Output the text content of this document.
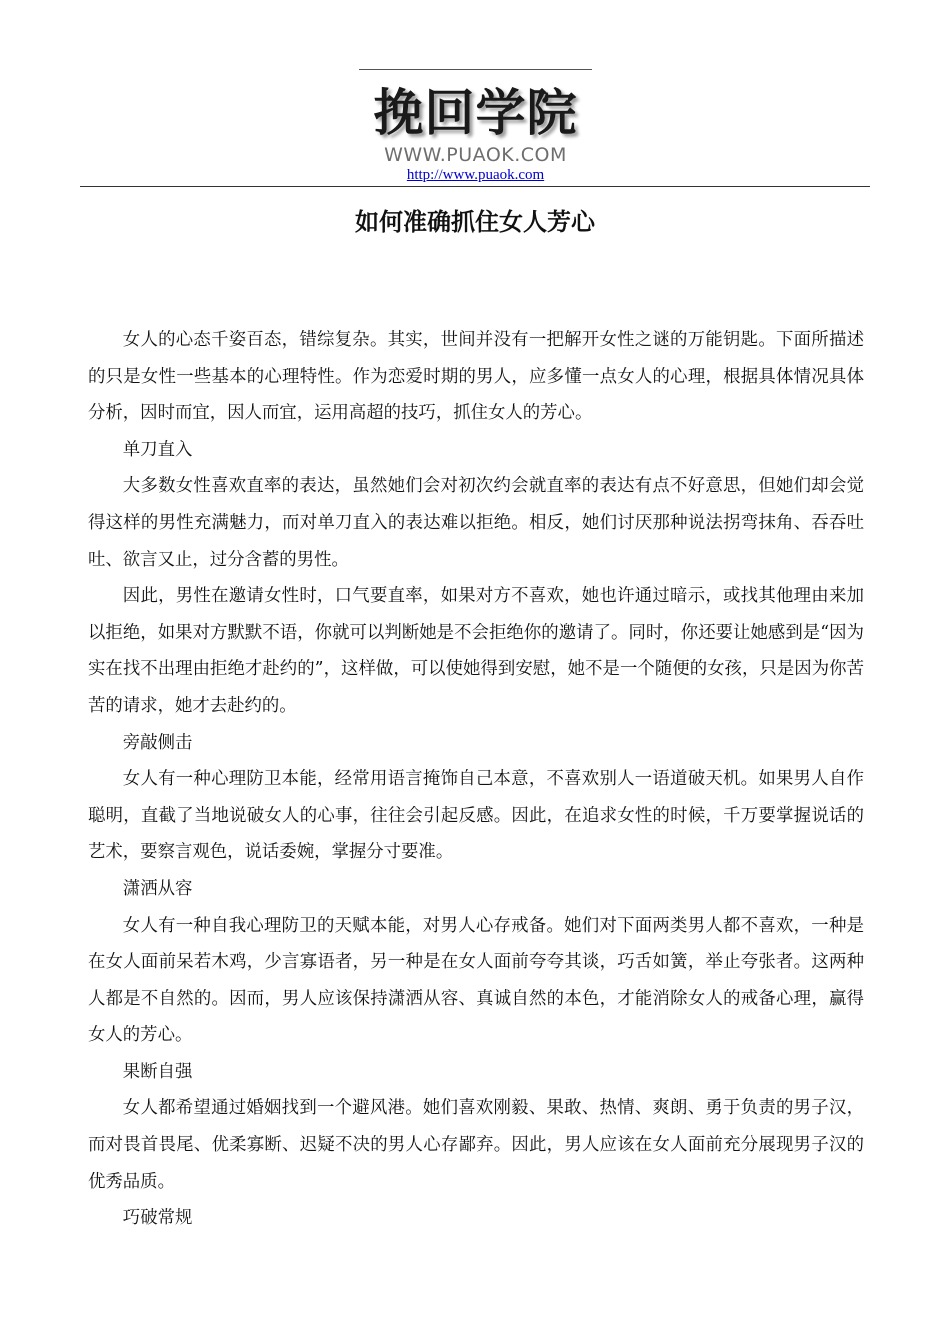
挽回学院
WWW.PUAOK.COM
http://www.puaok.com
如何准确抓住女人芳心

女人的心态千姿百态，错综复杂。其实，世间并没有一把解开女性之谜的万能钥匙。下面所描述的只是女性一些基本的心理特性。作为恋爱时期的男人，应多懂一点女人的心理，根据具体情况具体分析，因时而宜，因人而宜，运用高超的技巧，抓住女人的芳心。

单刀直入

大多数女性喜欢直率的表达，虽然她们会对初次约会就直率的表达有点不好意思，但她们却会觉得这样的男性充满魅力，而对单刀直入的表达难以拒绝。相反，她们讨厌那种说法拐弯抹角、吞吞吐吐、欲言又止，过分含蓄的男性。

因此，男性在邀请女性时，口气要直率，如果对方不喜欢，她也许通过暗示，或找其他理由来加以拒绝，如果对方默默不语，你就可以判断她是不会拒绝你的邀请了。同时，你还要让她感到是“因为实在找不出理由拒绝才赴约的”，这样做，可以使她得到安慰，她不是一个随便的女孩，只是因为你苦苦的请求，她才去赴约的。

旁敲侧击

女人有一种心理防卫本能，经常用语言掩饰自己本意，不喜欢别人一语道破天机。如果男人自作聪明，直截了当地说破女人的心事，往往会引起反感。因此，在追求女性的时候，千万要掌握说话的艺术，要察言观色，说话委婉，掌握分寸要准。

潇洒从容

女人有一种自我心理防卫的天赋本能，对男人心存戒备。她们对下面两类男人都不喜欢，一种是在女人面前呆若木鸡，少言寡语者，另一种是在女人面前夸夸其谈，巧舌如簧，举止夸张者。这两种人都是不自然的。因而，男人应该保持潇洒从容、真诚自然的本色，才能消除女人的戒备心理，赢得女人的芳心。

果断自强

女人都希望通过婚姻找到一个避风港。她们喜欢刚毅、果敢、热情、爽朗、勇于负责的男子汉，而对畏首畏尾、优柔寡断、迟疑不决的男人心存鄙弃。因此，男人应该在女人面前充分展现男子汉的优秀品质。

巧破常规
